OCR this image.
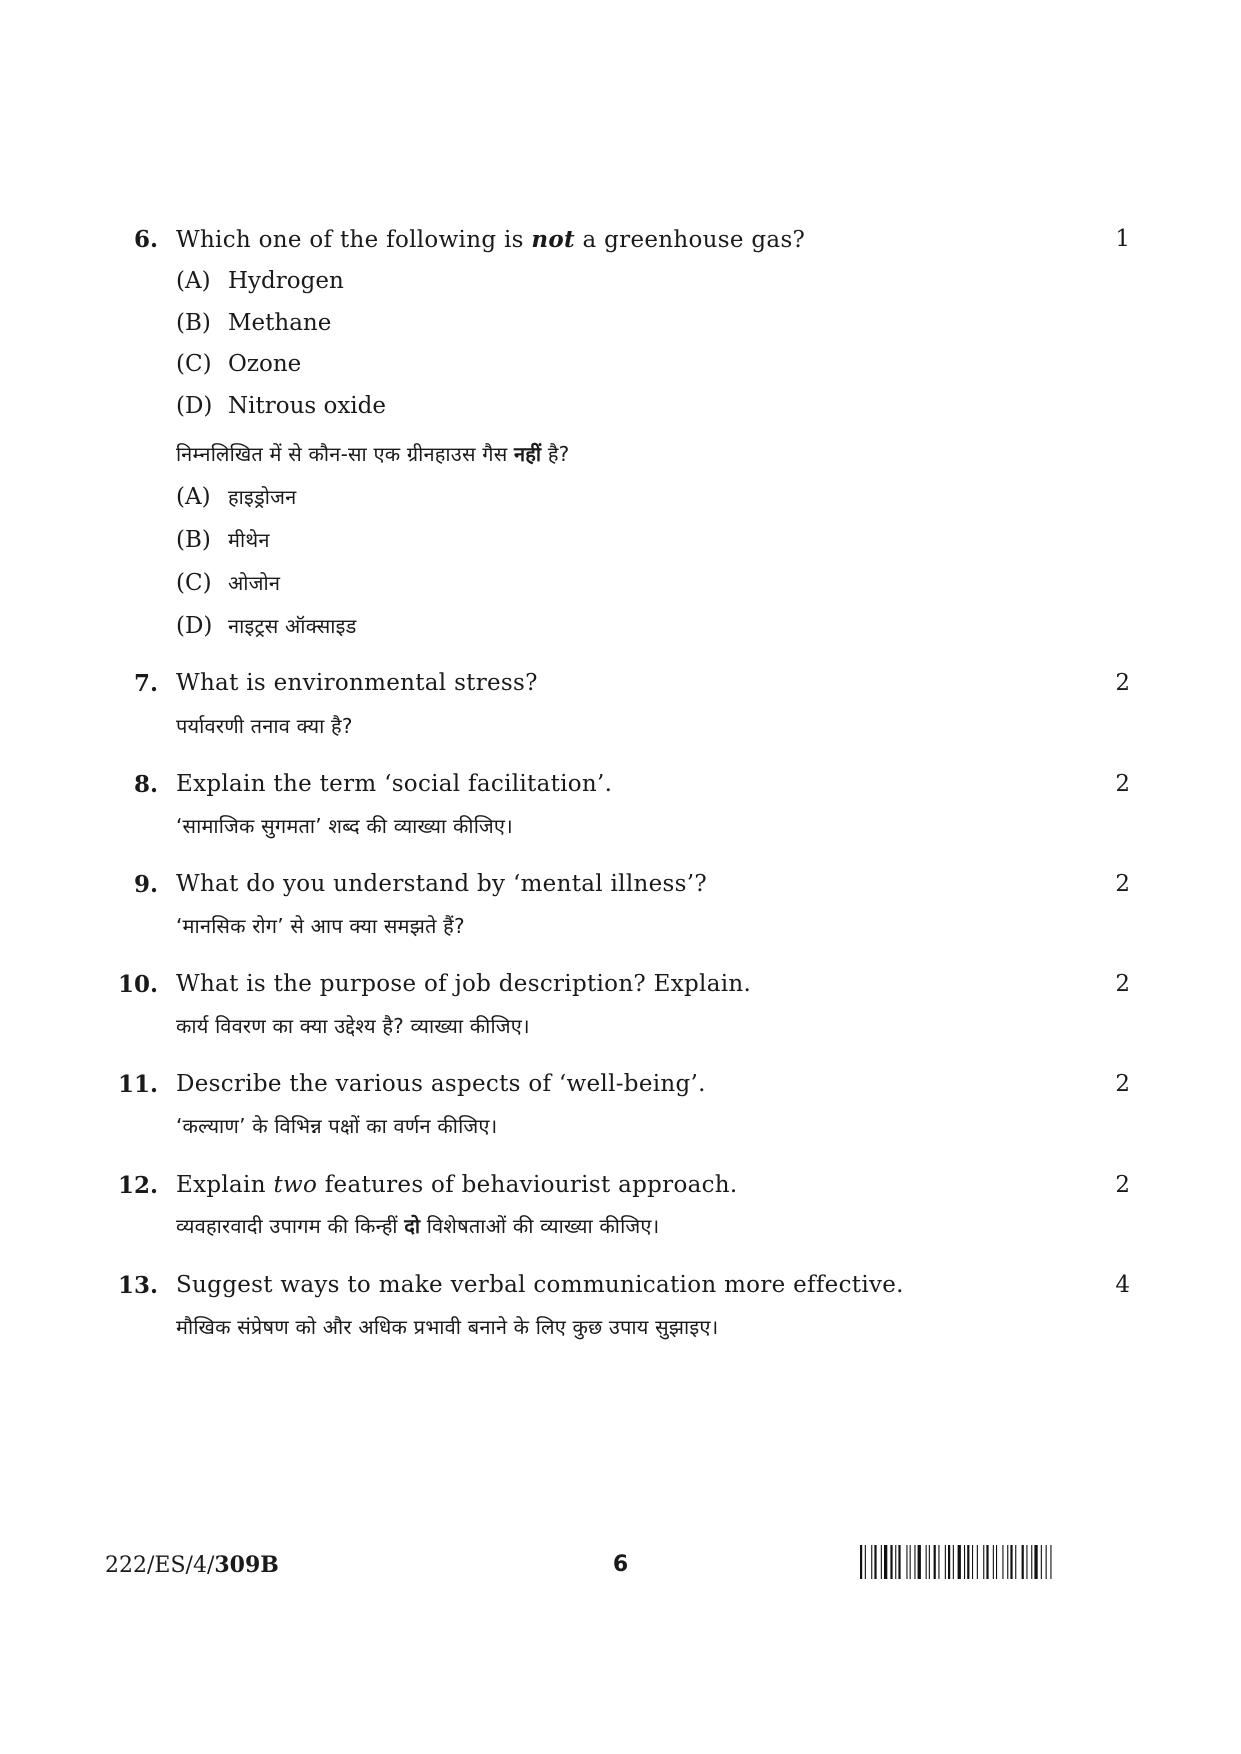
6. Which one of the following is not a greenhouse gas?	1
(A) Hydrogen
(B) Methane
(C) Ozone
(D) Nitrous oxide
निम्नलिखित में से कौन-सा एक ग्रीनहाउस गैस नहीं है?
(A) हाइड्रोजन
(B) मीथेन
(C) ओजोन
(D) नाइट्रस ऑक्साइड
7. What is environmental stress?	2
पर्यावरणी तनाव क्या है?
8. Explain the term ‘social facilitation’.	2
‘सामाजिक सुगमता’ शब्द की व्याख्या कीजिए।
9. What do you understand by ‘mental illness’?	2
‘मानसिक रोग’ से आप क्या समझते हैं?
10. What is the purpose of job description? Explain.	2
कार्य विवरण का क्या उद्देश्य है? व्याख्या कीजिए।
11. Describe the various aspects of ‘well-being’.	2
‘कल्याण’ के विभिन्न पक्षों का वर्णन कीजिए।
12. Explain two features of behaviourist approach.	2
व्यवहारवादी उपागम की किन्हीं दो विशेषताओं की व्याख्या कीजिए।
13. Suggest ways to make verbal communication more effective.	4
मौखिक संप्रेषण को और अधिक प्रभावी बनाने के लिए कुछ उपाय सुझाइए।
222/ES/4/309B	6
